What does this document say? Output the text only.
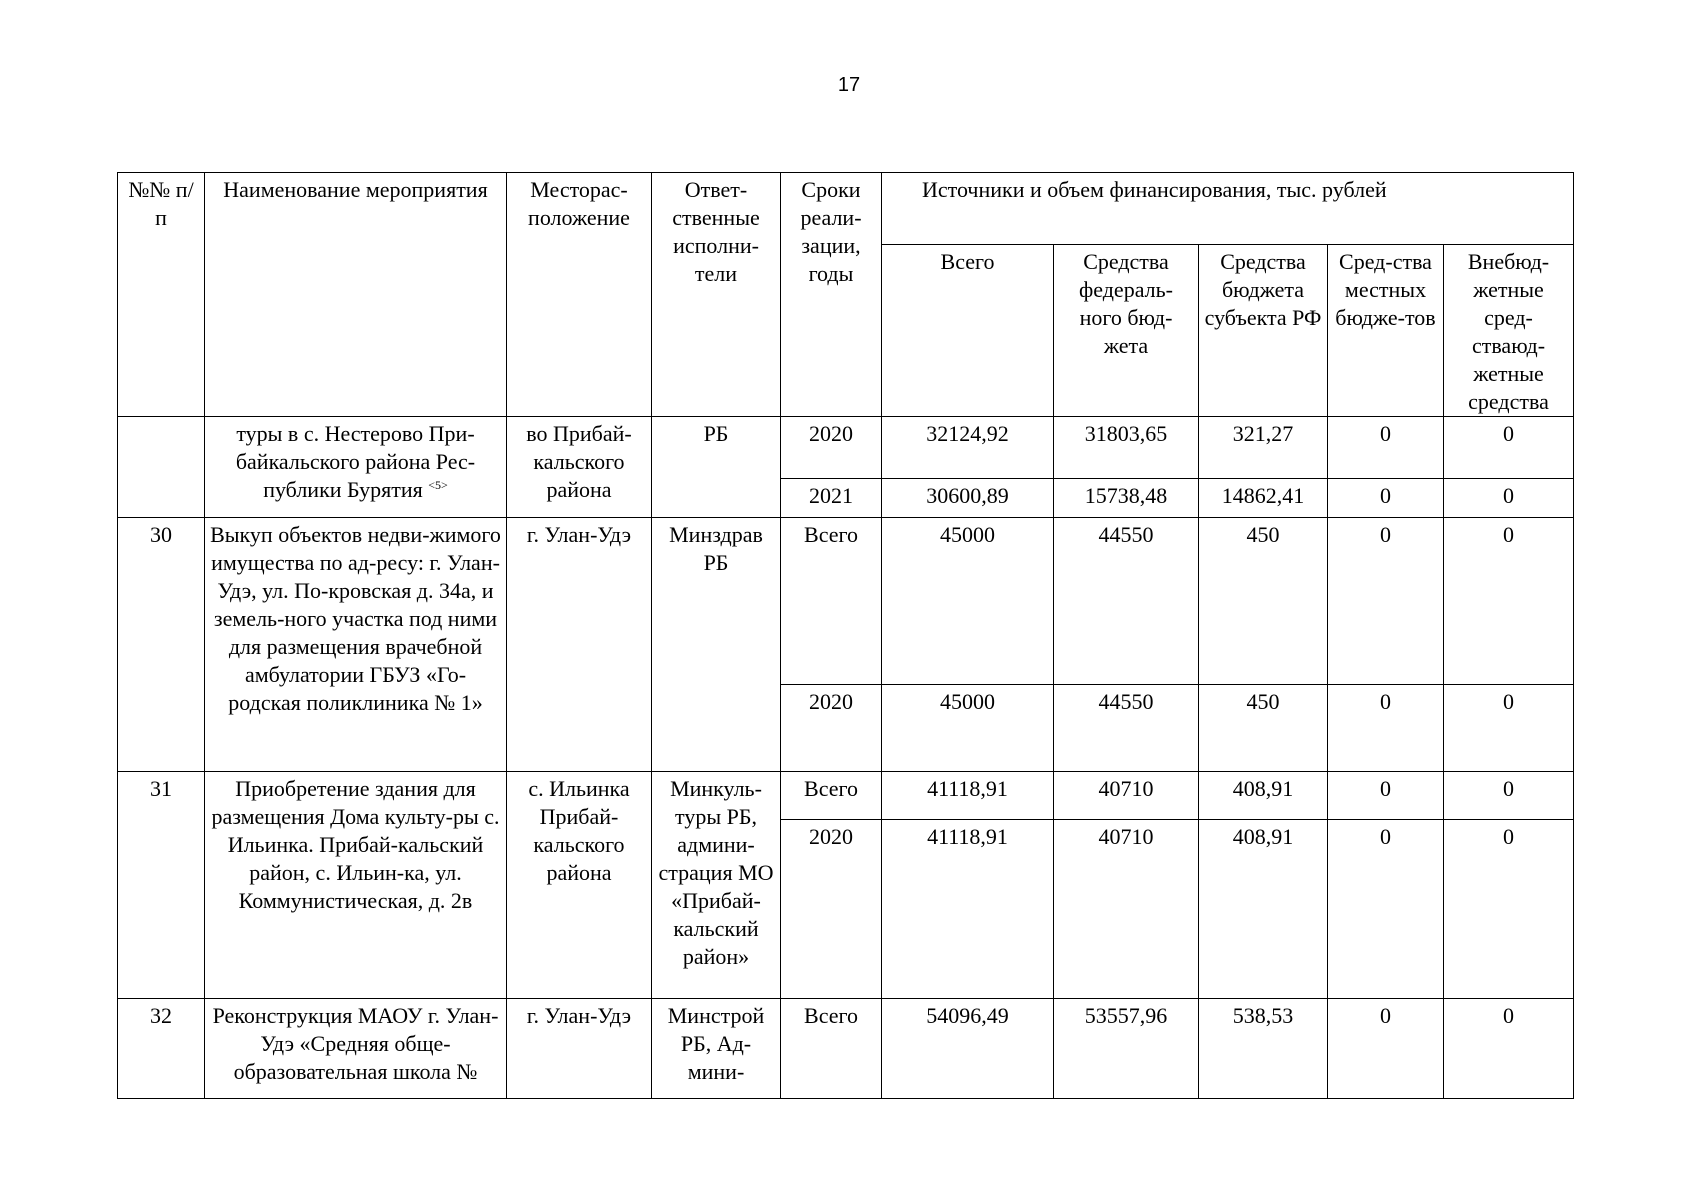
17
№№ п/п	Наименование мероприятия	Месторас-положение	Ответ-ственные исполни-тели	Сроки реали-зации, годы	Источники и объем финансирования, тыс. рублей				
					Всего	Средства федераль-ного бюд-жета	Средства бюджета субъекта РФ	Сред-ства местных бюдже-тов	Внебюд-жетные сред-стваюд-жетные средства
	туры в с. Нестерово При-байкальского района Рес-публики Бурятия $^{<5>}$	во Прибай-кальского района	РБ	2020	32124,92	31803,65	321,27	0	0
				2021	30600,89	15738,48	14862,41	0	0
30	Выкуп объектов недви-жимого имущества по ад-ресу: г. Улан-Удэ, ул. По-кровская д. 34а, и земель-ного участка под ними для размещения врачебной амбулатории ГБУЗ «Го-родская поликлиника № 1»	г. Улан-Удэ	Минздрав РБ	Всего	45000	44550	450	0	0
				2020	45000	44550	450	0	0
31	Приобретение здания для размещения Дома культу-ры с. Ильинка. Прибай-кальский район, с. Ильин-ка, ул. Коммунистическая, д. 2в	с. Ильинка Прибай-кальского района	Минкуль-туры РБ, админи-страция МО «Прибай-кальский район»	Всего	41118,91	40710	408,91	0	0
				2020	41118,91	40710	408,91	0	0
32	Реконструкция МАОУ г. Улан-Удэ «Средняя обще-образовательная школа №	г. Улан-Удэ	Минстрой РБ, Ад-мини-	Всего	54096,49	53557,96	538,53	0	0
